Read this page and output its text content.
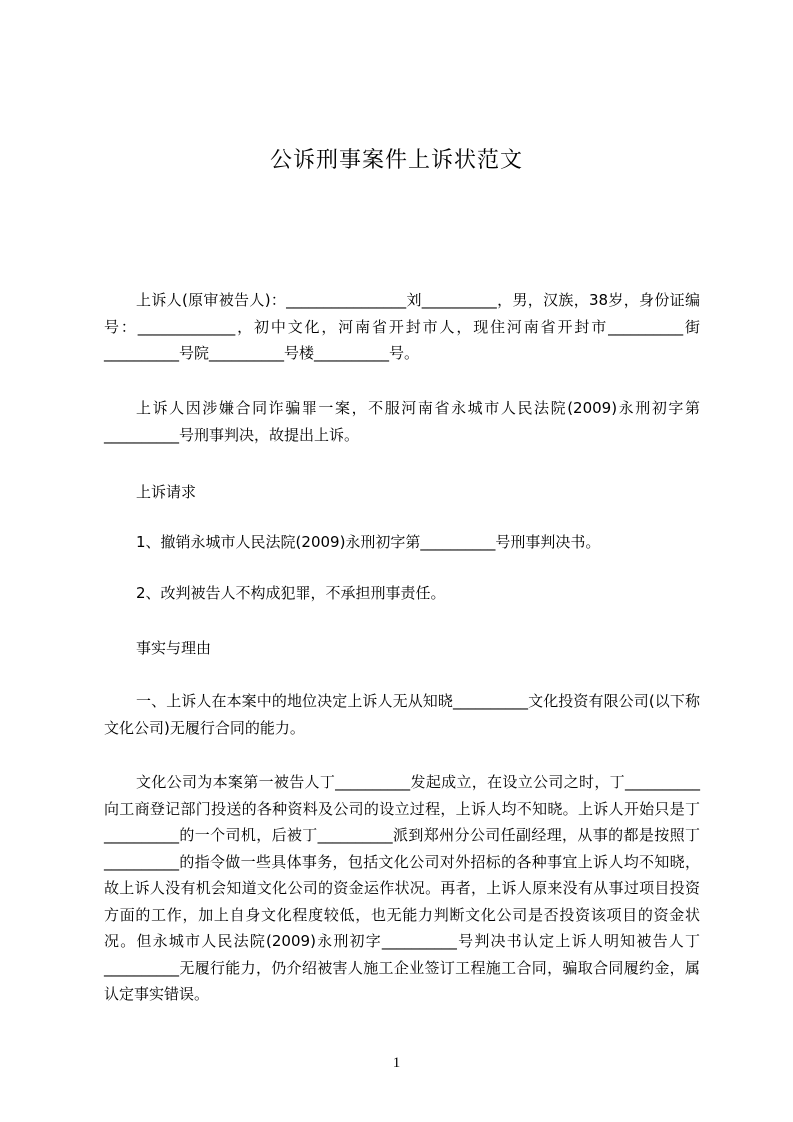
公诉刑事案件上诉状范文

上诉人(原审被告人)：________________刘__________，男，汉族，38岁，身份证编号：_____________，初中文化，河南省开封市人，现住河南省开封市__________街__________号院__________号楼__________号。

上诉人因涉嫌合同诈骗罪一案，不服河南省永城市人民法院(2009)永刑初字第__________号刑事判决，故提出上诉。

上诉请求
1、撤销永城市人民法院(2009)永刑初字第__________号刑事判决书。
2、改判被告人不构成犯罪，不承担刑事责任。
事实与理由

一、上诉人在本案中的地位决定上诉人无从知晓__________文化投资有限公司(以下称文化公司)无履行合同的能力。

文化公司为本案第一被告人丁__________发起成立，在设立公司之时，丁__________向工商登记部门投送的各种资料及公司的设立过程，上诉人均不知晓。上诉人开始只是丁__________的一个司机，后被丁__________派到郑州分公司任副经理，从事的都是按照丁__________的指令做一些具体事务，包括文化公司对外招标的各种事宜上诉人均不知晓，故上诉人没有机会知道文化公司的资金运作状况。再者，上诉人原来没有从事过项目投资方面的工作，加上自身文化程度较低，也无能力判断文化公司是否投资该项目的资金状况。但永城市人民法院(2009)永刑初字__________号判决书认定上诉人明知被告人丁__________无履行能力，仍介绍被害人施工企业签订工程施工合同，骗取合同履约金，属认定事实错误。

1
